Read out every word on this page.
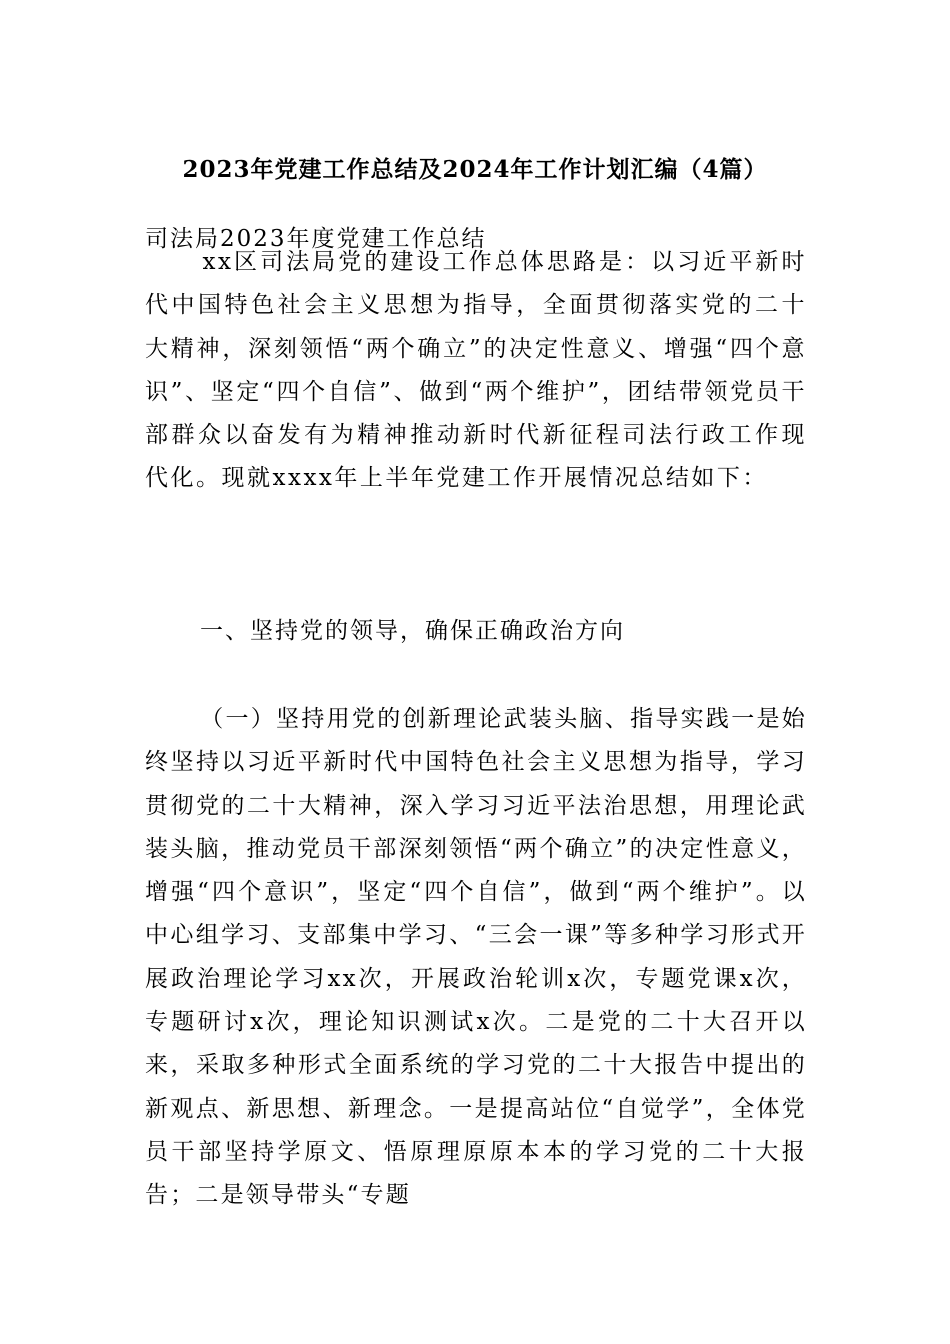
2023年党建工作总结及2024年工作计划汇编（4篇）
司法局2023年度党建工作总结

xx区司法局党的建设工作总体思路是：以习近平新时代中国特色社会主义思想为指导，全面贯彻落实党的二十大精神，深刻领悟“两个确立”的决定性意义、增强“四个意识”、坚定“四个自信”、做到“两个维护”，团结带领党员干部群众以奋发有为精神推动新时代新征程司法行政工作现代化。现就xxxx年上半年党建工作开展情况总结如下：

一、坚持党的领导，确保正确政治方向

（一）坚持用党的创新理论武装头脑、指导实践一是始终坚持以习近平新时代中国特色社会主义思想为指导，学习贯彻党的二十大精神，深入学习习近平法治思想，用理论武装头脑，推动党员干部深刻领悟“两个确立”的决定性意义，增强“四个意识”，坚定“四个自信”，做到“两个维护”。以中心组学习、支部集中学习、“三会一课”等多种学习形式开展政治理论学习xx次，开展政治轮训x次，专题党课x次，专题研讨x次，理论知识测试x次。二是党的二十大召开以来，采取多种形式全面系统的学习党的二十大报告中提出的新观点、新思想、新理念。一是提高站位“自觉学”，全体党员干部坚持学原文、悟原理原原本本的学习党的二十大报告；二是领导带头“专题
